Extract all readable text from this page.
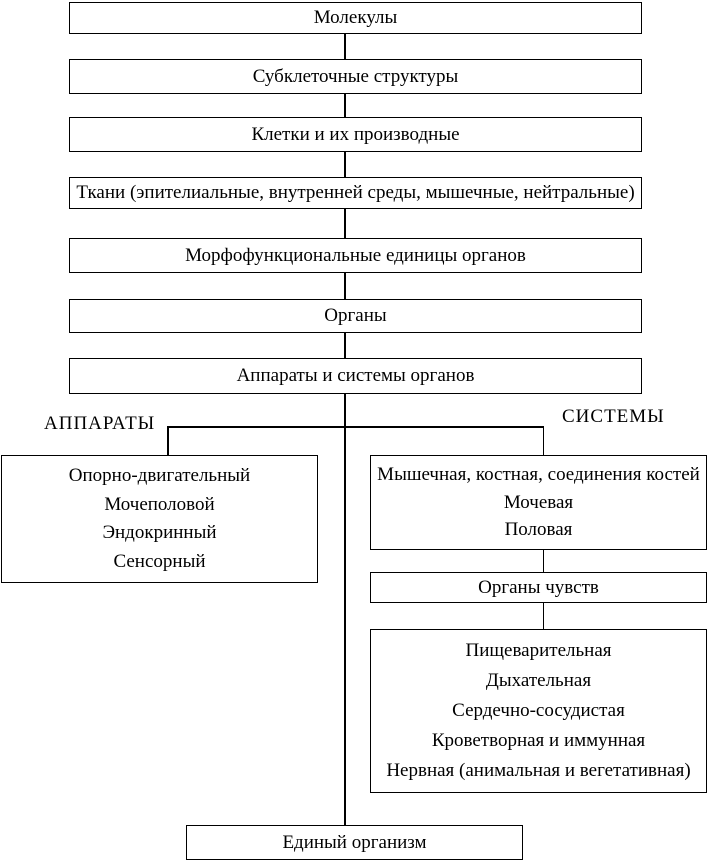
Молекулы
Субклеточные структуры
Клетки и их производные
Ткани (эпителиальные, внутренней среды, мышечные, нейтральные)
Морфофункциональные единицы органов
Органы
Аппараты и системы органов
АППАРАТЫ	СИСТЕМЫ
Опорно-двигательный
Мочеполовой
Эндокринный
Сенсорный
Мышечная, костная, соединения костей
Мочевая
Половая
Органы чувств
Пищеварительная
Дыхательная
Сердечно-сосудистая
Кроветворная и иммунная
Нервная (анимальная и вегетативная)
Единый организм
